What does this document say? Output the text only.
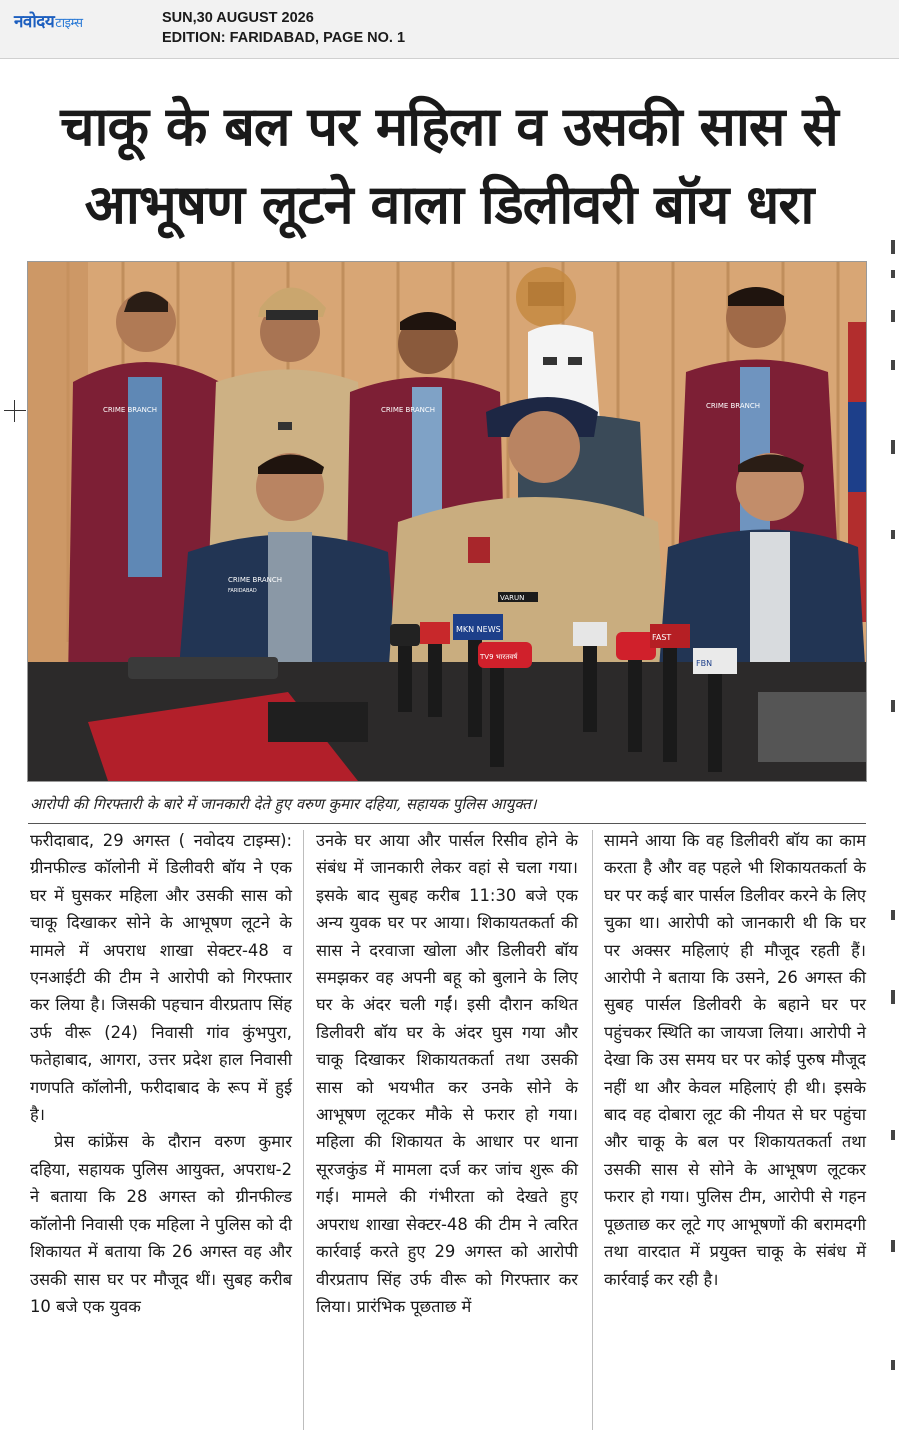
नवोदयटाइम्स	SUN,30 AUGUST 2026
EDITION: FARIDABAD, PAGE NO. 1
चाकू के बल पर महिला व उसकी सास से
आभूषण लूटने वाला डिलीवरी बॉय धरा
CRIME BRANCH	CRIME BRANCH	CRIME BRANCH
CRIME BRANCH
FARIDABAD
VARUN
MKN NEWS
TV9 भारतवर्ष
FAST
FBN
आरोपी की गिरफ्तारी के बारे में जानकारी देते हुए वरुण कुमार दहिया, सहायक पुलिस आयुक्त।

फरीदाबाद, 29 अगस्त ( नवोदय टाइम्स): ग्रीनफील्ड कॉलोनी में डिलीवरी बॉय ने एक घर में घुसकर महिला और उसकी सास को चाकू दिखाकर सोने के आभूषण लूटने के मामले में अपराध शाखा सेक्टर-48 व एनआईटी की टीम ने आरोपी को गिरफ्तार कर लिया है। जिसकी पहचान वीरप्रताप सिंह उर्फ वीरू (24) निवासी गांव कुंभपुरा, फतेहाबाद, आगरा, उत्तर प्रदेश हाल निवासी गणपति कॉलोनी, फरीदाबाद के रूप में हुई है।

प्रेस कांफ्रेंस के दौरान वरुण कुमार दहिया, सहायक पुलिस आयुक्त, अपराध-2 ने बताया कि 28 अगस्त को ग्रीनफील्ड कॉलोनी निवासी एक महिला ने पुलिस को दी शिकायत में बताया कि 26 अगस्त वह और उसकी सास घर पर मौजूद थीं। सुबह करीब 10 बजे एक युवक

उनके घर आया और पार्सल रिसीव होने के संबंध में जानकारी लेकर वहां से चला गया। इसके बाद सुबह करीब 11:30 बजे एक अन्य युवक घर पर आया। शिकायतकर्ता की सास ने दरवाजा खोला और डिलीवरी बॉय समझकर वह अपनी बहू को बुलाने के लिए घर के अंदर चली गईं। इसी दौरान कथित डिलीवरी बॉय घर के अंदर घुस गया और चाकू दिखाकर शिकायतकर्ता तथा उसकी सास को भयभीत कर उनके सोने के आभूषण लूटकर मौके से फरार हो गया। महिला की शिकायत के आधार पर थाना सूरजकुंड में मामला दर्ज कर जांच शुरू की गई। मामले की गंभीरता को देखते हुए अपराध शाखा सेक्टर-48 की टीम ने त्वरित कार्रवाई करते हुए 29 अगस्त को आरोपी वीरप्रताप सिंह उर्फ वीरू को गिरफ्तार कर लिया। प्रारंभिक पूछताछ में

सामने आया कि वह डिलीवरी बॉय का काम करता है और वह पहले भी शिकायतकर्ता के घर पर कई बार पार्सल डिलीवर करने के लिए चुका था। आरोपी को जानकारी थी कि घर पर अक्सर महिलाएं ही मौजूद रहती हैं। आरोपी ने बताया कि उसने, 26 अगस्त की सुबह पार्सल डिलीवरी के बहाने घर पर पहुंचकर स्थिति का जायजा लिया। आरोपी ने देखा कि उस समय घर पर कोई पुरुष मौजूद नहीं था और केवल महिलाएं ही थी। इसके बाद वह दोबारा लूट की नीयत से घर पहुंचा और चाकू के बल पर शिकायतकर्ता तथा उसकी सास से सोने के आभूषण लूटकर फरार हो गया। पुलिस टीम, आरोपी से गहन पूछताछ कर लूटे गए आभूषणों की बरामदगी तथा वारदात में प्रयुक्त चाकू के संबंध में कार्रवाई कर रही है।
